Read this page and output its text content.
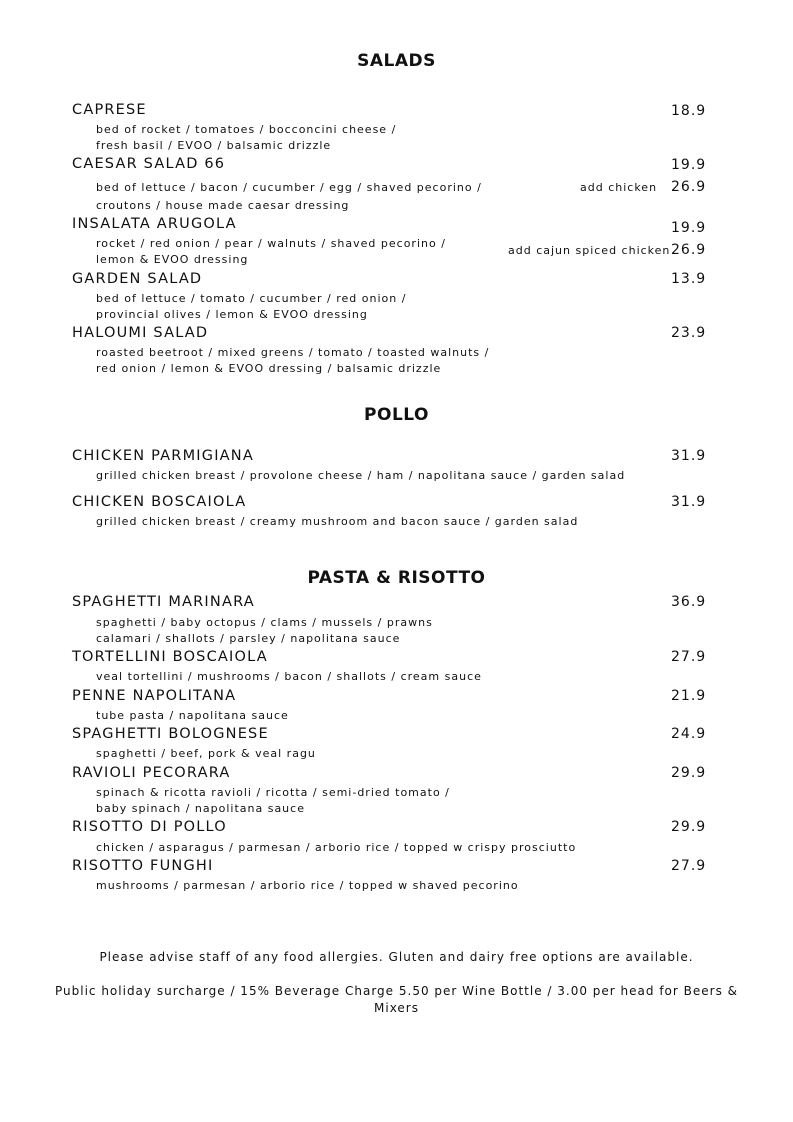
SALADS
CAPRESE	18.9
bed of rocket / tomatoes / bocconcini cheese /
fresh basil / EVOO / balsamic drizzle
CAESAR SALAD 66	19.9
add chicken 26.9
bed of lettuce / bacon / cucumber / egg / shaved pecorino /
croutons / house made caesar dressing
INSALATA ARUGOLA	19.9
add cajun spiced chicken 26.9
rocket / red onion / pear / walnuts / shaved pecorino /
lemon & EVOO dressing
GARDEN SALAD	13.9
bed of lettuce / tomato / cucumber / red onion /
provincial olives / lemon & EVOO dressing
HALOUMI SALAD	23.9
roasted beetroot / mixed greens / tomato / toasted walnuts /
red onion / lemon & EVOO dressing / balsamic drizzle
POLLO
CHICKEN PARMIGIANA	31.9
grilled chicken breast / provolone cheese / ham / napolitana sauce / garden salad
CHICKEN BOSCAIOLA	31.9
grilled chicken breast / creamy mushroom and bacon sauce / garden salad
PASTA & RISOTTO
SPAGHETTI MARINARA	36.9
spaghetti / baby octopus / clams / mussels / prawns
calamari / shallots / parsley / napolitana sauce
TORTELLINI BOSCAIOLA	27.9
veal tortellini / mushrooms / bacon / shallots / cream sauce
PENNE NAPOLITANA	21.9
tube pasta / napolitana sauce
SPAGHETTI BOLOGNESE	24.9
spaghetti / beef, pork & veal ragu
RAVIOLI PECORARA	29.9
spinach & ricotta ravioli / ricotta / semi-dried tomato /
baby spinach / napolitana sauce
RISOTTO DI POLLO	29.9
chicken / asparagus / parmesan / arborio rice / topped w crispy prosciutto
RISOTTO FUNGHI	27.9
mushrooms / parmesan / arborio rice / topped w shaved pecorino
Please advise staff of any food allergies. Gluten and dairy free options are available.
Public holiday surcharge / 15% Beverage Charge 5.50 per Wine Bottle / 3.00 per head for Beers & Mixers
